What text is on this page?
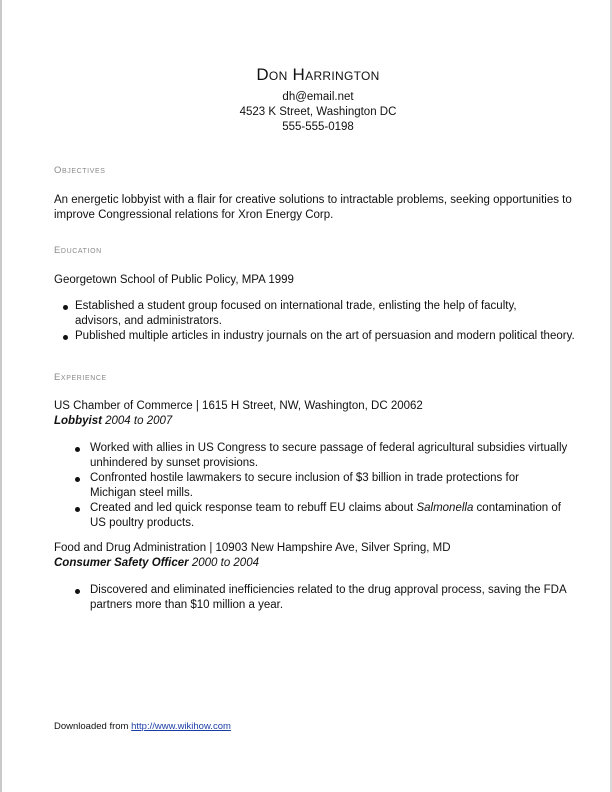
Don Harrington
dh@email.net
4523 K Street, Washington DC
555-555-0198
Objectives
An energetic lobbyist with a flair for creative solutions to intractable problems, seeking opportunities to improve Congressional relations for Xron Energy Corp.
Education
Georgetown School of Public Policy, MPA 1999
Established a student group focused on international trade, enlisting the help of faculty, advisors, and administrators.
Published multiple articles in industry journals on the art of persuasion and modern political theory.
Experience
US Chamber of Commerce | 1615 H Street, NW, Washington, DC 20062
Lobbyist 2004 to 2007
Worked with allies in US Congress to secure passage of federal agricultural subsidies virtually unhindered by sunset provisions.
Confronted hostile lawmakers to secure inclusion of $3 billion in trade protections for Michigan steel mills.
Created and led quick response team to rebuff EU claims about Salmonella contamination of US poultry products.
Food and Drug Administration | 10903 New Hampshire Ave, Silver Spring, MD
Consumer Safety Officer 2000 to 2004
Discovered and eliminated inefficiencies related to the drug approval process, saving the FDA partners more than $10 million a year.
Downloaded from http://www.wikihow.com
